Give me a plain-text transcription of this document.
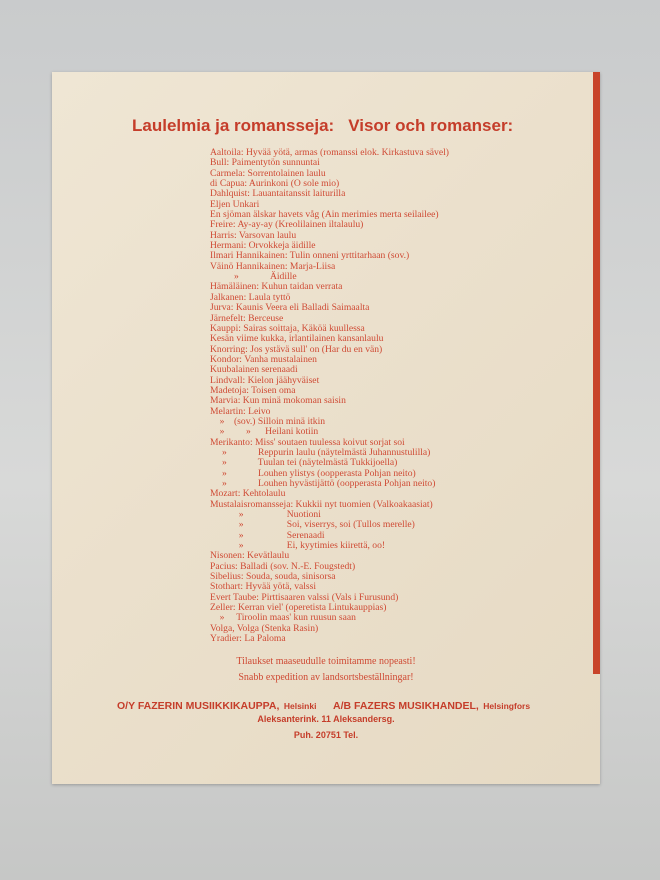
Laulelmia ja romansseja: Visor och romanser:
Aaltoila: Hyvää yötä, armas (romanssi elok. Kirkastuva sävel)
Bull: Paimentytön sunnuntai
Carmela: Sorrentolainen laulu
di Capua: Aurinkoni (O sole mio)
Dahlquist: Lauantaitanssit laiturilla
Eljen Unkari
En sjöman älskar havets våg (Ain merimies merta seilailee)
Freire: Ay-ay-ay (Kreolilainen iltalaulu)
Harris: Varsovan laulu
Hermani: Orvokkeja äidille
Ilmari Hannikainen: Tulin onneni yrttitarhaan (sov.)
Väinö Hannikainen: Marja-Liisa
»             Äidille
Hämäläinen: Kuhun taidan verrata
Jalkanen: Laula tyttö
Jurva: Kaunis Veera eli Balladi Saimaalta
Järnefelt: Berceuse
Kauppi: Sairas soittaja, Käköä kuullessa
Kesän viime kukka, irlantilainen kansanlaulu
Knorring: Jos ystävä sull' on (Har du en vän)
Kondor: Vanha mustalainen
Kuubalainen serenaadi
Lindvall: Kielon jäähyväiset
Madetoja: Toisen oma
Marvia: Kun minä mokoman saisin
Melartin: Leivo
»    (sov.) Silloin minä itkin
»         »      Heilani kotiin
Merikanto: Miss' soutaen tuulessa koivut sorjat soi
»             Reppurin laulu (näytelmästä Juhannustulilla)
»             Tuulan tei (näytelmästä Tukkijoella)
»             Louhen ylistys (oopperasta Pohjan neito)
»             Louhen hyvästijättö (oopperasta Pohjan neito)
Mozart: Kehtolaulu
Mustalaisromansseja: Kukkii nyt tuomien (Valkoakaasiat)
»                  Nuotioni
»                  Soi, viserrys, soi (Tullos merelle)
»                  Serenaadi
»                  Ei, kyytimies kiirettä, oo!
Nisonen: Kevätlaulu
Pacius: Balladi (sov. N.-E. Fougstedt)
Sibelius: Souda, souda, sinisorsa
Stothart: Hyvää yötä, valssi
Evert Taube: Pirttisaaren valssi (Vals i Furusund)
Zeller: Kerran viel' (operetista Lintukauppias)
»     Tiroolin maas' kun ruusun saan
Volga, Volga (Stenka Rasin)
Yradier: La Paloma
Tilaukset maaseudulle toimitamme nopeasti!
Snabb expedition av landsortsbeställningar!
O/Y FAZERIN MUSIIKKIKAUPPA, Helsinki A/B FAZERS MUSIKHANDEL, Helsingfors
Aleksanterink. 11 Aleksandersg.
Puh. 20751 Tel.
